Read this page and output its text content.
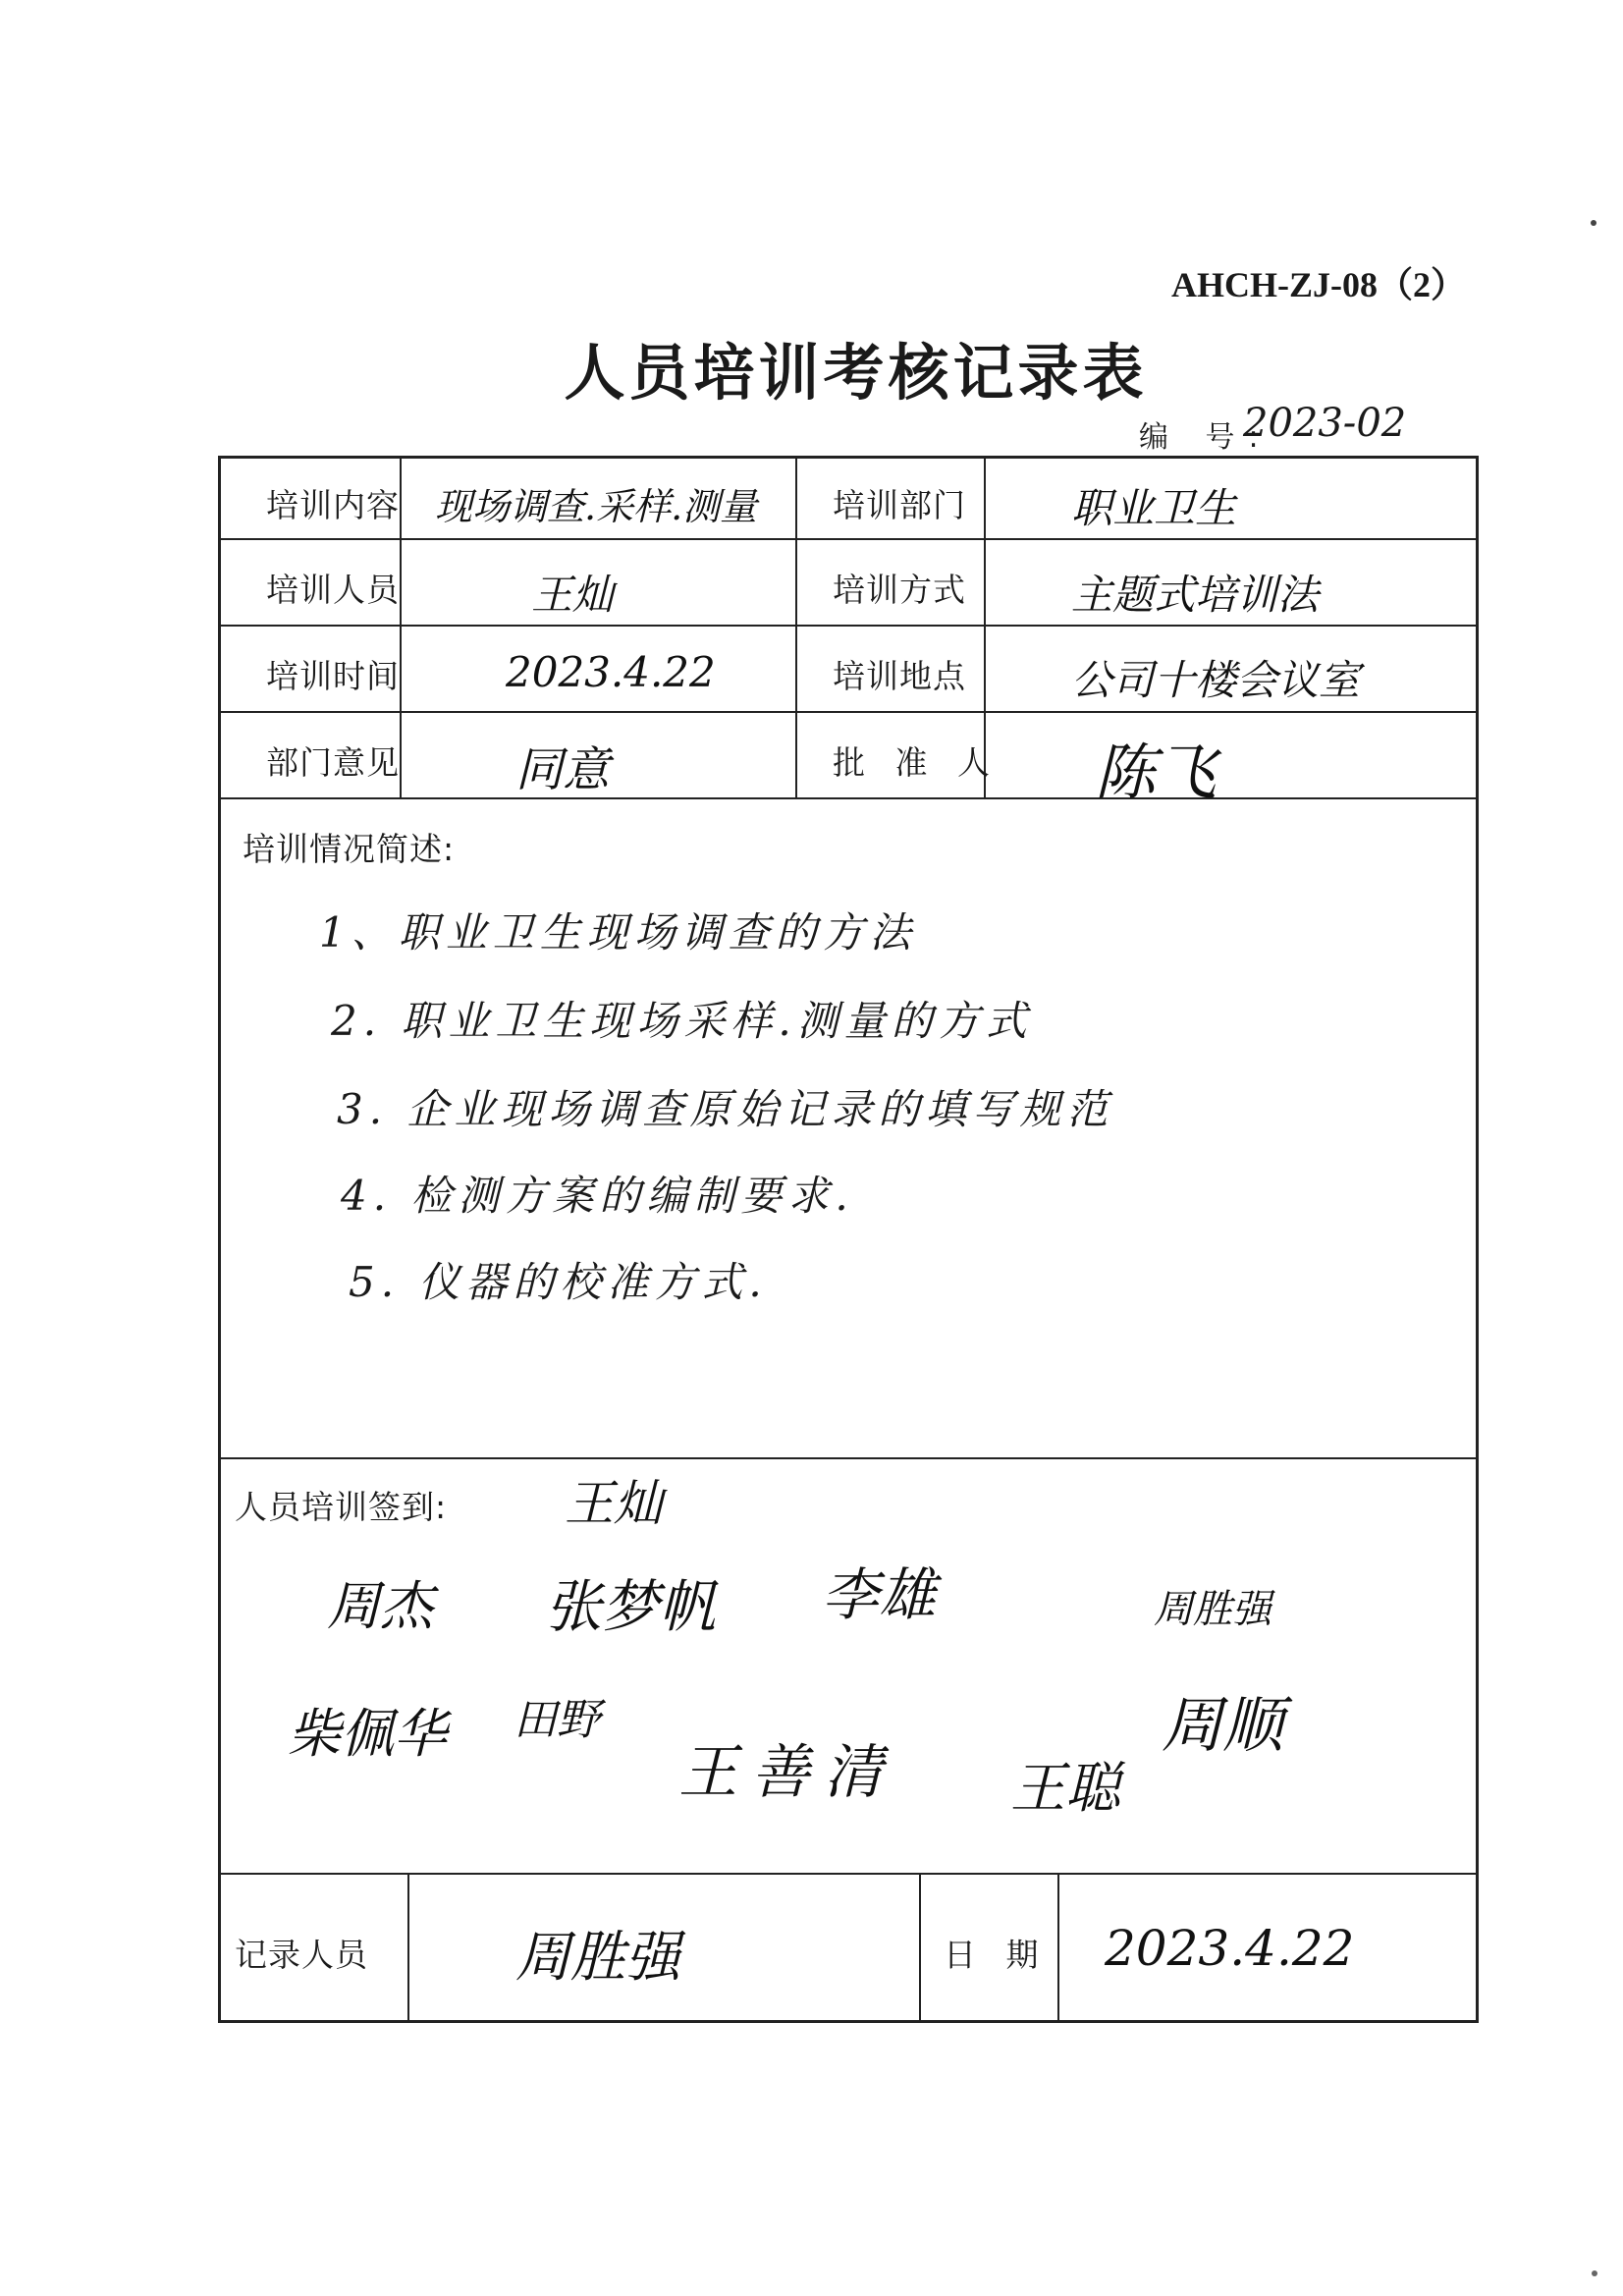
AHCH-ZJ-08（2）
人员培训考核记录表
编 号:
2023-02
培训内容 现场调查.采样.测量 培训部门	职业卫生
培训人员	王灿	培训方式	主题式培训法
培训时间	2023.4.22	培训地点	公司十楼会议室
部门意见 同意	批 准 人 陈飞
培训情况简述:
1、职业卫生现场调查的方法
2. 职业卫生现场采样.测量的方式
3. 企业现场调查原始记录的填写规范
4. 检测方案的编制要求.
5. 仪器的校准方式.
人员培训签到: 王灿
周杰 张梦帆 李雄	周胜强
柴佩华 田野
王善清 王聪
周顺
记录人员	周胜强	日 期 2023.4.22
